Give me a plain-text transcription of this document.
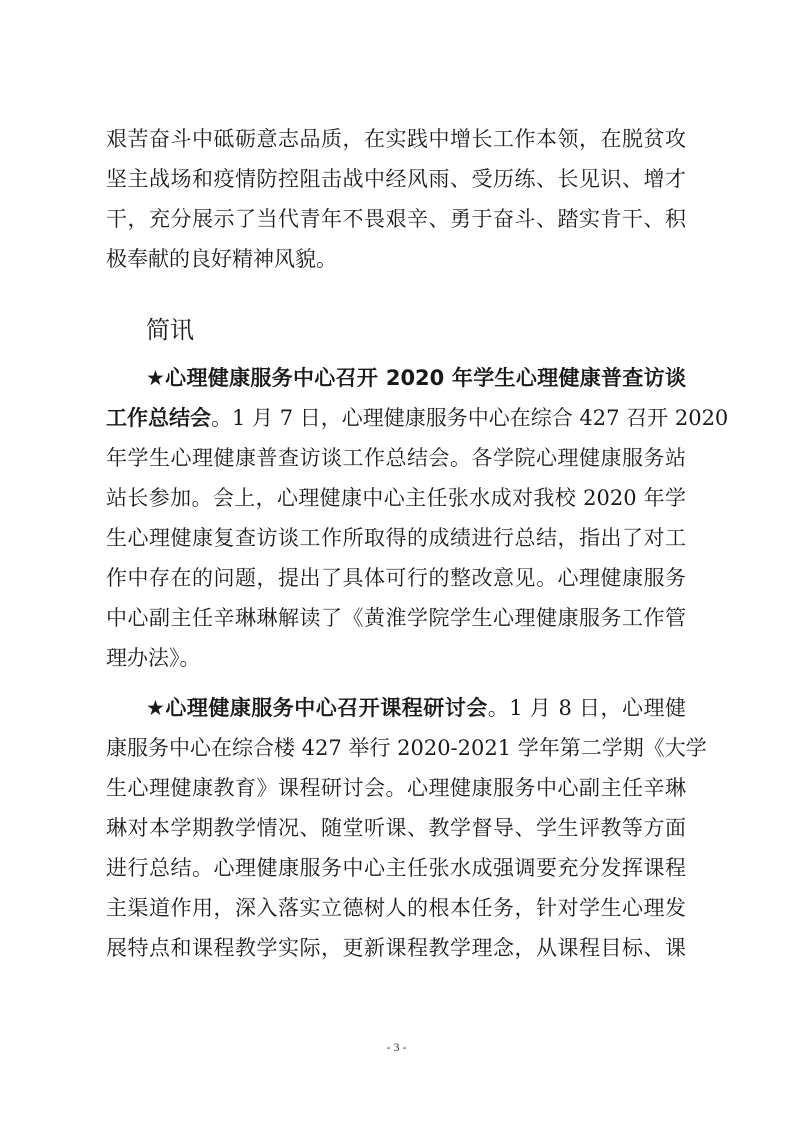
艰苦奋斗中砥砺意志品质，在实践中增长工作本领，在脱贫攻
坚主战场和疫情防控阻击战中经风雨、受历练、长见识、增才
干，充分展示了当代青年不畏艰辛、勇于奋斗、踏实肯干、积
极奉献的良好精神风貌。
简讯
★心理健康服务中心召开 2020 年学生心理健康普查访谈
工作总结会。1 月 7 日，心理健康服务中心在综合 427 召开 2020
年学生心理健康普查访谈工作总结会。各学院心理健康服务站
站长参加。会上，心理健康中心主任张水成对我校 2020 年学
生心理健康复查访谈工作所取得的成绩进行总结，指出了对工
作中存在的问题，提出了具体可行的整改意见。心理健康服务
中心副主任辛琳琳解读了《黄淮学院学生心理健康服务工作管
理办法》。
★心理健康服务中心召开课程研讨会。1 月 8 日，心理健
康服务中心在综合楼 427 举行 2020-2021 学年第二学期《大学
生心理健康教育》课程研讨会。心理健康服务中心副主任辛琳
琳对本学期教学情况、随堂听课、教学督导、学生评教等方面
进行总结。心理健康服务中心主任张水成强调要充分发挥课程
主渠道作用，深入落实立德树人的根本任务，针对学生心理发
展特点和课程教学实际，更新课程教学理念，从课程目标、课
- 3 -
